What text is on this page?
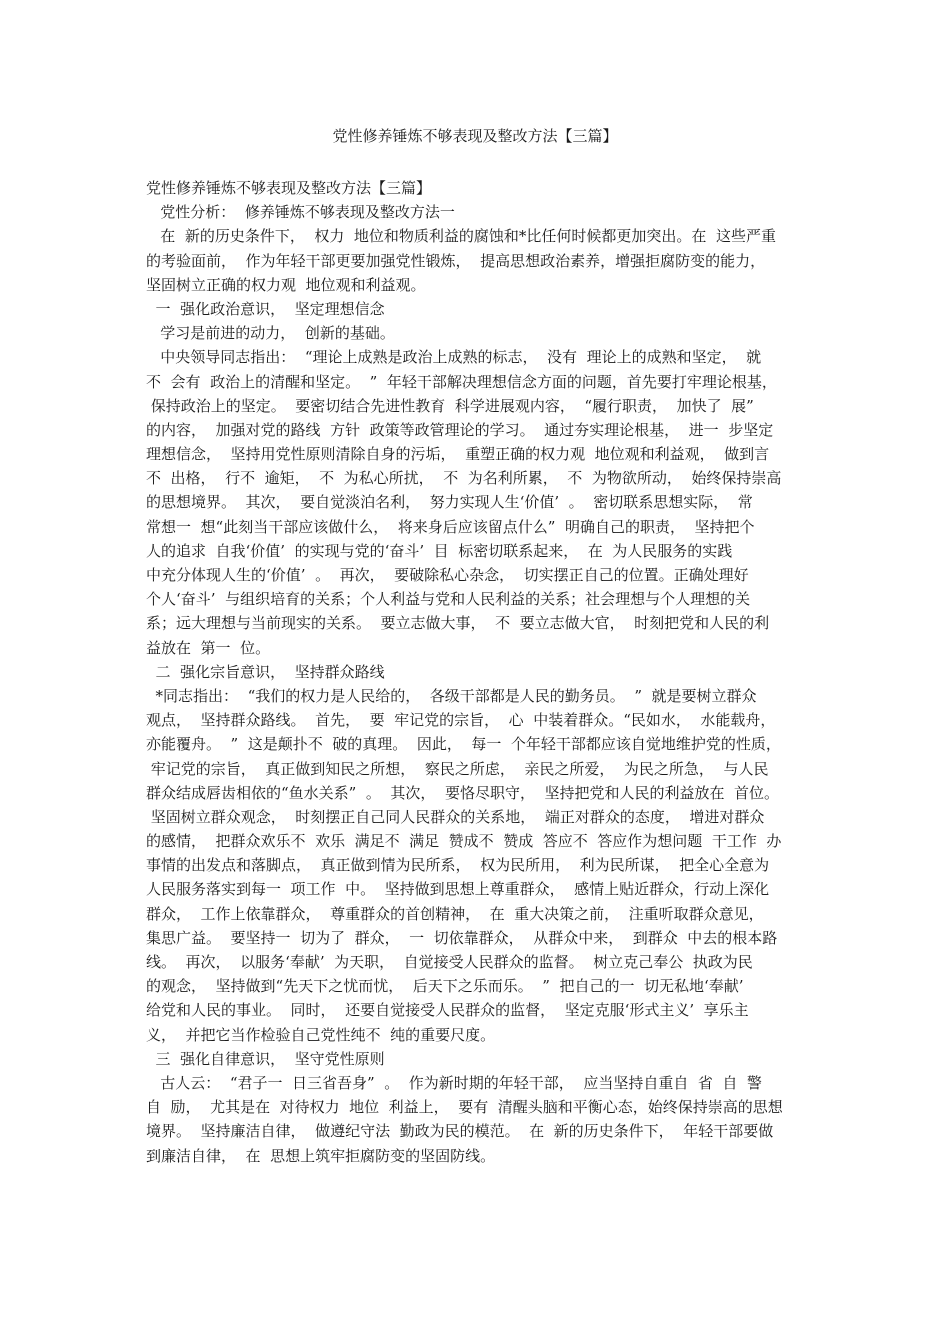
党性修养锤炼不够表现及整改方法【三篇】
党性修养锤炼不够表现及整改方法【三篇】
党性分析：  修养锤炼不够表现及整改方法一
在  新的历史条件下，  权力  地位和物质利益的腐蚀和*比任何时候都更加突出。在  这些严重
的考验面前，  作为年轻干部更要加强党性锻炼，  提高思想政治素养，增强拒腐防变的能力，
坚固树立正确的权力观  地位观和利益观。
一  强化政治意识，  坚定理想信念
学习是前进的动力，  创新的基础。
中央领导同志指出：  “理论上成熟是政治上成熟的标志，  没有  理论上的成熟和坚定，  就
不  会有  政治上的清醒和坚定。  ”  年轻干部解决理想信念方面的问题，首先要打牢理论根基，
保持政治上的坚定。  要密切结合先进性教育  科学进展观内容，  “履行职责，  加快了  展”
的内容，  加强对党的路线  方针  政策等政管理论的学习。  通过夯实理论根基，  进一  步坚定
理想信念，  坚持用党性原则清除自身的污垢，  重塑正确的权力观  地位观和利益观，  做到言
不  出格，  行不  逾矩，  不  为私心所扰，  不  为名利所累，  不  为物欲所动，  始终保持崇高
的思想境界。  其次，  要自觉淡泊名利，  努力实现人生‘价值’  。  密切联系思想实际，  常
常想一  想“此刻当干部应该做什么，  将来身后应该留点什么”  明确自己的职责，  坚持把个
人的追求  自我‘价值’  的实现与党的‘奋斗’  目  标密切联系起来，  在  为人民服务的实践
中充分体现人生的‘价值’  。  再次，  要破除私心杂念，  切实摆正自己的位置。正确处理好
个人‘奋斗’  与组织培育的关系；个人利益与党和人民利益的关系；社会理想与个人理想的关
系；远大理想与当前现实的关系。  要立志做大事，  不  要立志做大官，  时刻把党和人民的利
益放在  第一  位。
二  强化宗旨意识，  坚持群众路线
*同志指出：  “我们的权力是人民给的，  各级干部都是人民的勤务员。  ”  就是要树立群众
观点，  坚持群众路线。  首先，  要  牢记党的宗旨，  心  中装着群众。“民如水，  水能载舟，
亦能覆舟。  ”  这是颠扑不  破的真理。  因此，  每一  个年轻干部都应该自觉地维护党的性质，
牢记党的宗旨，  真正做到知民之所想，  察民之所虑，  亲民之所爱，  为民之所急，  与人民
群众结成唇齿相依的“鱼水关系”  。  其次，  要恪尽职守，  坚持把党和人民的利益放在  首位。
坚固树立群众观念，  时刻摆正自己同人民群众的关系地，  端正对群众的态度，  增进对群众
的感情，  把群众欢乐不  欢乐  满足不  满足  赞成不  赞成  答应不  答应作为想问题  干工作  办
事情的出发点和落脚点，  真正做到情为民所系，  权为民所用，  利为民所谋，  把全心全意为
人民服务落实到每一  项工作  中。  坚持做到思想上尊重群众，  感情上贴近群众，行动上深化
群众，  工作上依靠群众，  尊重群众的首创精神，  在  重大决策之前，  注重听取群众意见，
集思广益。  要坚持一  切为了  群众，  一  切依靠群众，  从群众中来，  到群众  中去的根本路
线。  再次，  以服务‘奉献’  为天职，  自觉接受人民群众的监督。  树立克己奉公  执政为民
的观念，  坚持做到“先天下之忧而忧，  后天下之乐而乐。  ”  把自己的一  切无私地‘奉献’
给党和人民的事业。  同时，  还要自觉接受人民群众的监督，  坚定克服‘形式主义’  享乐主
义，  并把它当作检验自己党性纯不  纯的重要尺度。
三  强化自律意识，  坚守党性原则
古人云：  “君子一  日三省吾身”  。  作为新时期的年轻干部，  应当坚持自重自  省  自  警
自  励，  尤其是在  对待权力  地位  利益上，  要有  清醒头脑和平衡心态，始终保持崇高的思想
境界。  坚持廉洁自律，  做遵纪守法  勤政为民的模范。  在  新的历史条件下，  年轻干部要做
到廉洁自律，  在  思想上筑牢拒腐防变的坚固防线。
